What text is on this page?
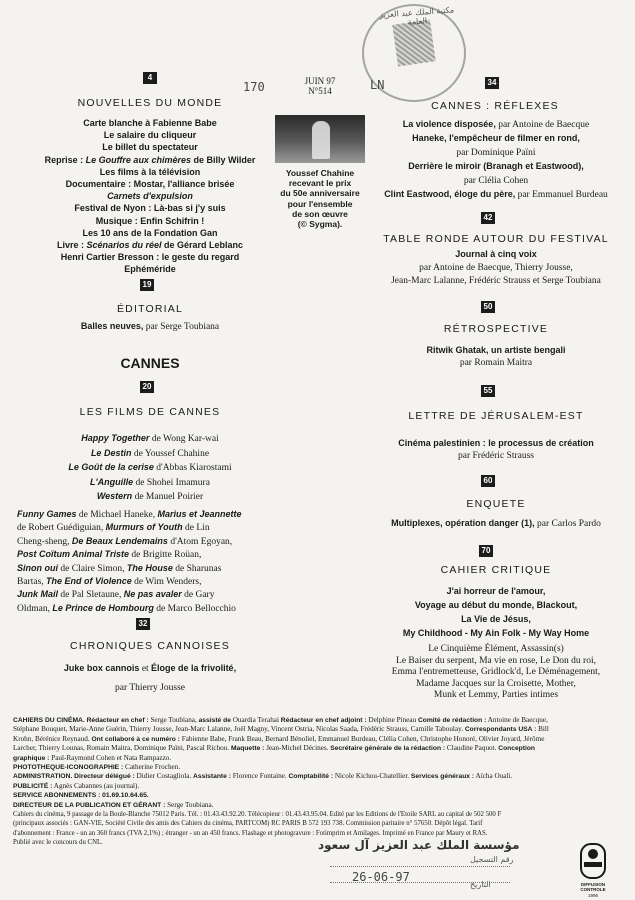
مكتبة الملك عبد العزيز العامة
170	JUIN 97
N°514	LN
4
NOUVELLES DU MONDE
Carte blanche à Fabienne Babe
Le salaire du cliqueur
Le billet du spectateur
Reprise : Le Gouffre aux chimères de Billy Wilder
Les films à la télévision
Documentaire : Mostar, l'alliance brisée
Carnets d'expulsion
Festival de Nyon : Là-bas si j'y suis
Musique : Enfin Schifrin !
Les 10 ans de la Fondation Gan
Livre : Scénarios du réel de Gérard Leblanc
Henri Cartier Bresson : le geste du regard
Ephéméride
19
ÉDITORIAL
Balles neuves, par Serge Toubiana
CANNES
20
LES FILMS DE CANNES
Happy Together de Wong Kar-wai
Le Destin de Youssef Chahine
Le Goût de la cerise d'Abbas Kiarostami
L'Anguille de Shohei Imamura
Western de Manuel Poirier
Funny Games de Michael Haneke, Marius et Jeannette
de Robert Guédiguian, Murmurs of Youth de Lin
Cheng-sheng, De Beaux Lendemains d'Atom Egoyan,
Post Coïtum Animal Triste de Brigitte Roüan,
Sinon oui de Claire Simon, The House de Sharunas
Bartas, The End of Violence de Wim Wenders,
Junk Mail de Pal Sletaune, Ne pas avaler de Gary
Oldman, Le Prince de Hombourg de Marco Bellocchio
32
CHRONIQUES CANNOISES
Juke box cannois et Éloge de la frivolité,
par Thierry Jousse
Youssef Chahine
recevant le prix
du 50e anniversaire
pour l'ensemble
de son œuvre
(© Sygma).
34
CANNES : RÉFLEXES
La violence disposée, par Antoine de Baecque
Haneke, l'empêcheur de filmer en rond,
par Dominique Païni
Derrière le miroir (Branagh et Eastwood),
par Clélia Cohen
Clint Eastwood, éloge du père, par Emmanuel Burdeau
42
TABLE RONDE AUTOUR DU FESTIVAL
Journal à cinq voix
par Antoine de Baecque, Thierry Jousse,
Jean-Marc Lalanne, Frédéric Strauss et Serge Toubiana
50
RÉTROSPECTIVE
Ritwik Ghatak, un artiste bengali
par Romain Maitra
55
LETTRE DE JÉRUSALEM-EST
Cinéma palestinien : le processus de création
par Frédéric Strauss
60
ENQUETE
Multiplexes, opération danger (1), par Carlos Pardo
70
CAHIER CRITIQUE
J'ai horreur de l'amour,
Voyage au début du monde, Blackout,
La Vie de Jésus,
My Childhood - My Ain Folk - My Way Home
Le Cinquième Élément, Assassin(s)
Le Baiser du serpent, Ma vie en rose, Le Don du roi,
Emma l'entremetteuse, Gridlock'd, Le Déménagement,
Madame Jacques sur la Croisette, Mother,
Munk et Lemmy, Parties intimes
CAHIERS DU CINÉMA. Rédacteur en chef : Serge Toubiana, assisté de Ouardia Terahai Rédacteur en chef adjoint : Delphine Pineau Comité de rédaction : Antoine de Baecque,
Stéphane Bouquet, Marie-Anne Guérin, Thierry Jousse, Jean-Marc Lalanne, Joël Magny, Vincent Ostria, Nicolas Saada, Frédéric Strauss, Camille Taboulay. Correspondants USA : Bill
Krohn, Bérénice Reynaud. Ont collaboré à ce numéro : Fabienne Babe, Frank Beau, Bernard Bénoliel, Emmanuel Burdeau, Clélia Cohen, Christophe Honoré, Olivier Joyard, Jérôme
Larcher, Thierry Lounas, Romain Maitra, Dominique Païni, Pascal Richou. Maquette : Jean-Michel Décines. Secrétaire générale de la rédaction : Claudine Paquot. Conception
graphique : Paul-Raymond Cohen et Nata Rampazzo.
PHOTOTHEQUE-ICONOGRAPHIE : Catherine Frochen.
ADMINISTRATION. Directeur délégué : Didier Costagliola. Assistante : Florence Fontaine. Comptabilité : Nicole Kichou-Chatellier. Services généraux : Aïcha Ouali.
PUBLICITÉ : Agnès Cabannes (au journal).
SERVICE ABONNEMENTS : 01.69.10.64.65.
DIRECTEUR DE LA PUBLICATION ET GÉRANT : Serge Toubiana.
Cahiers du cinéma, 9 passage de la Boule-Blanche 75012 Paris. Tél. : 01.43.43.92.20. Télécopieur : 01.43.43.95.04. Edité par les Editions de l'Etoile SARL au capital de 502 500 F
(principaux associés : GAN-VIE, Société Civile des amis des Cahiers du cinéma, PARTCOM) RC PARIS B 572 193 738. Commission paritaire n° 57650. Dépôt légal. Tarif
d'abonnement : France - un an 360 francs (TVA 2,1%) ; étranger - un an 450 francs. Flashage et photogravure : Fotimprim et Amilages. Imprimé en France par Maury et RAS.
Publié avec le concours du CNL.	مؤسسة الملك عبد العزيز آل سعود
رقم التسجيل
26-06-97
التاريخ	DIFFUSION CONTROLE
1996
